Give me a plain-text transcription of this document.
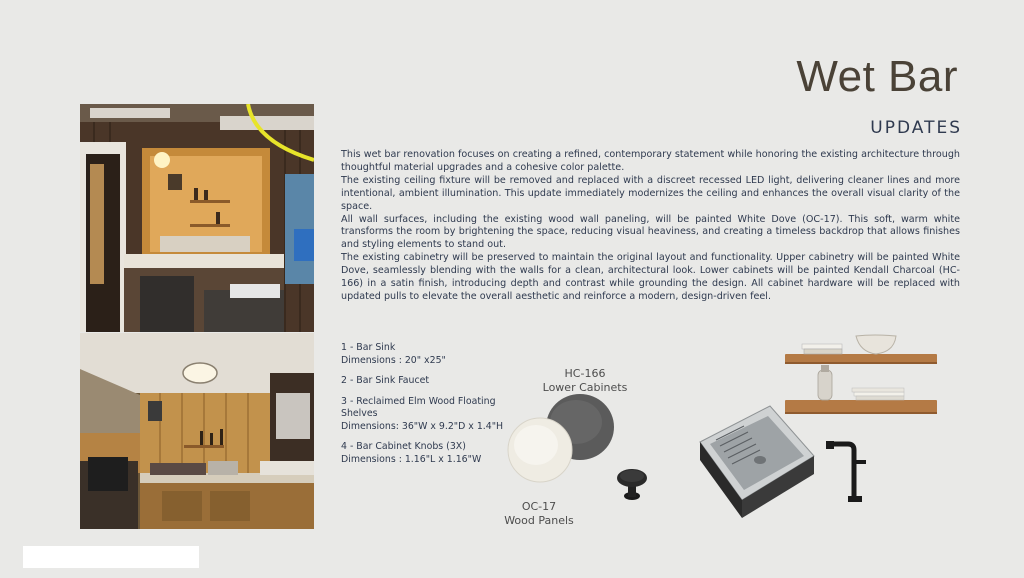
Wet Bar
UPDATES

This wet bar renovation focuses on creating a refined, contemporary statement while honoring the existing architecture through thoughtful material upgrades and a cohesive color palette.

The existing ceiling fixture will be removed and replaced with a discreet recessed LED light, delivering cleaner lines and more intentional, ambient illumination. This update immediately modernizes the ceiling and enhances the overall visual clarity of the space.

All wall surfaces, including the existing wood wall paneling, will be painted White Dove (OC-17). This soft, warm white transforms the room by brightening the space, reducing visual heaviness, and creating a timeless backdrop that allows finishes and styling elements to stand out.

The existing cabinetry will be preserved to maintain the original layout and functionality. Upper cabinetry will be painted White Dove, seamlessly blending with the walls for a clean, architectural look. Lower cabinets will be painted Kendall Charcoal (HC-166) in a satin finish, introducing depth and contrast while grounding the design. All cabinet hardware will be replaced with updated pulls to elevate the overall aesthetic and reinforce a modern, design-driven feel.

1 - Bar Sink
Dimensions : 20" x25"
2 - Bar Sink Faucet
3 - Reclaimed Elm Wood Floating Shelves
Dimensions: 36"W x 9.2"D x 1.4"H
4 - Bar Cabinet Knobs (3X)
Dimensions : 1.16"L x 1.16"W
HC-166
Lower Cabinets
OC-17
Wood Panels
